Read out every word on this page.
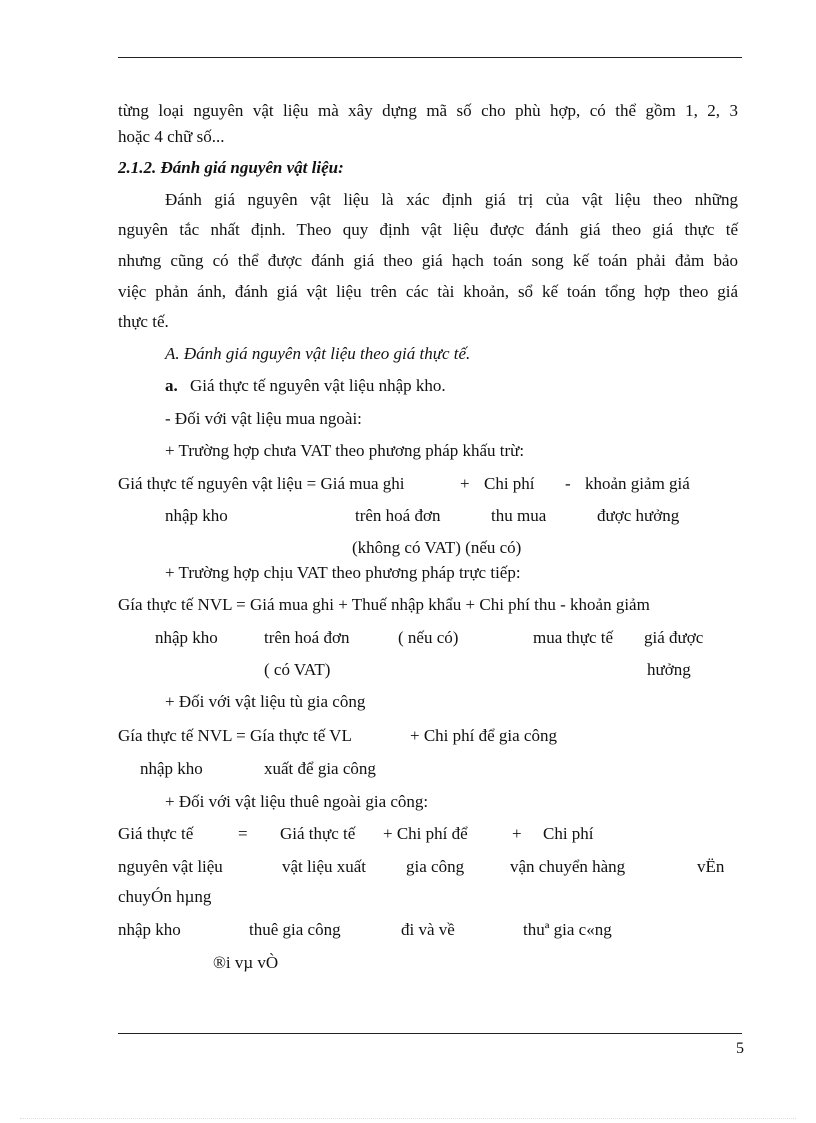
từng loại nguyên vật liệu mà xây dựng mã số cho phù hợp, có thể gồm 1, 2, 3
hoặc 4 chữ số...
2.1.2. Đánh giá nguyên vật liệu:
Đánh giá nguyên vật liệu là xác định giá trị của vật liệu theo những
nguyên tắc nhất định. Theo quy định vật liệu được đánh giá theo giá thực tế
nhưng cũng có thể được đánh giá theo giá hạch toán song kế toán phải đảm bảo
việc phản ánh, đánh giá vật liệu trên các tài khoản, sổ kế toán tổng hợp theo giá
thực tế.
A. Đánh giá nguyên vật liệu theo giá thực tế.
a. Giá thực tế nguyên vật liệu nhập kho.
- Đối với vật liệu mua ngoài:
+ Trường hợp chưa VAT theo phương pháp khấu trừ:
Giá thực tế nguyên vật liệu = Giá mua ghi	+ Chi phí - khoản giảm giá
nhập kho	trên hoá đơn	thu mua	được hưởng
(không có VAT) (nếu có)
+ Trường hợp chịu VAT theo phương pháp trực tiếp:
Gía thực tế NVL = Giá mua ghi + Thuế nhập khẩu + Chi phí thu - khoản giảm
nhập kho	trên hoá đơn	( nếu có)	mua thực tế giá được
( có VAT)	hưởng
+ Đối với vật liệu tù gia công
Gía thực tế NVL = Gía thực tế VL	+ Chi phí để gia công
nhập kho	xuất để gia công
+ Đối với vật liệu thuê ngoài gia công:
Giá thực tế	= Giá thực tế + Chi phí để	+ Chi phí
nguyên vật liệu	vật liệu xuất gia công	vận chuyển hàng	vËn
chuyÓn hµng
nhập kho	thuê gia công	đi và về	thuª gia c«ng
®i vµ vÒ
5
